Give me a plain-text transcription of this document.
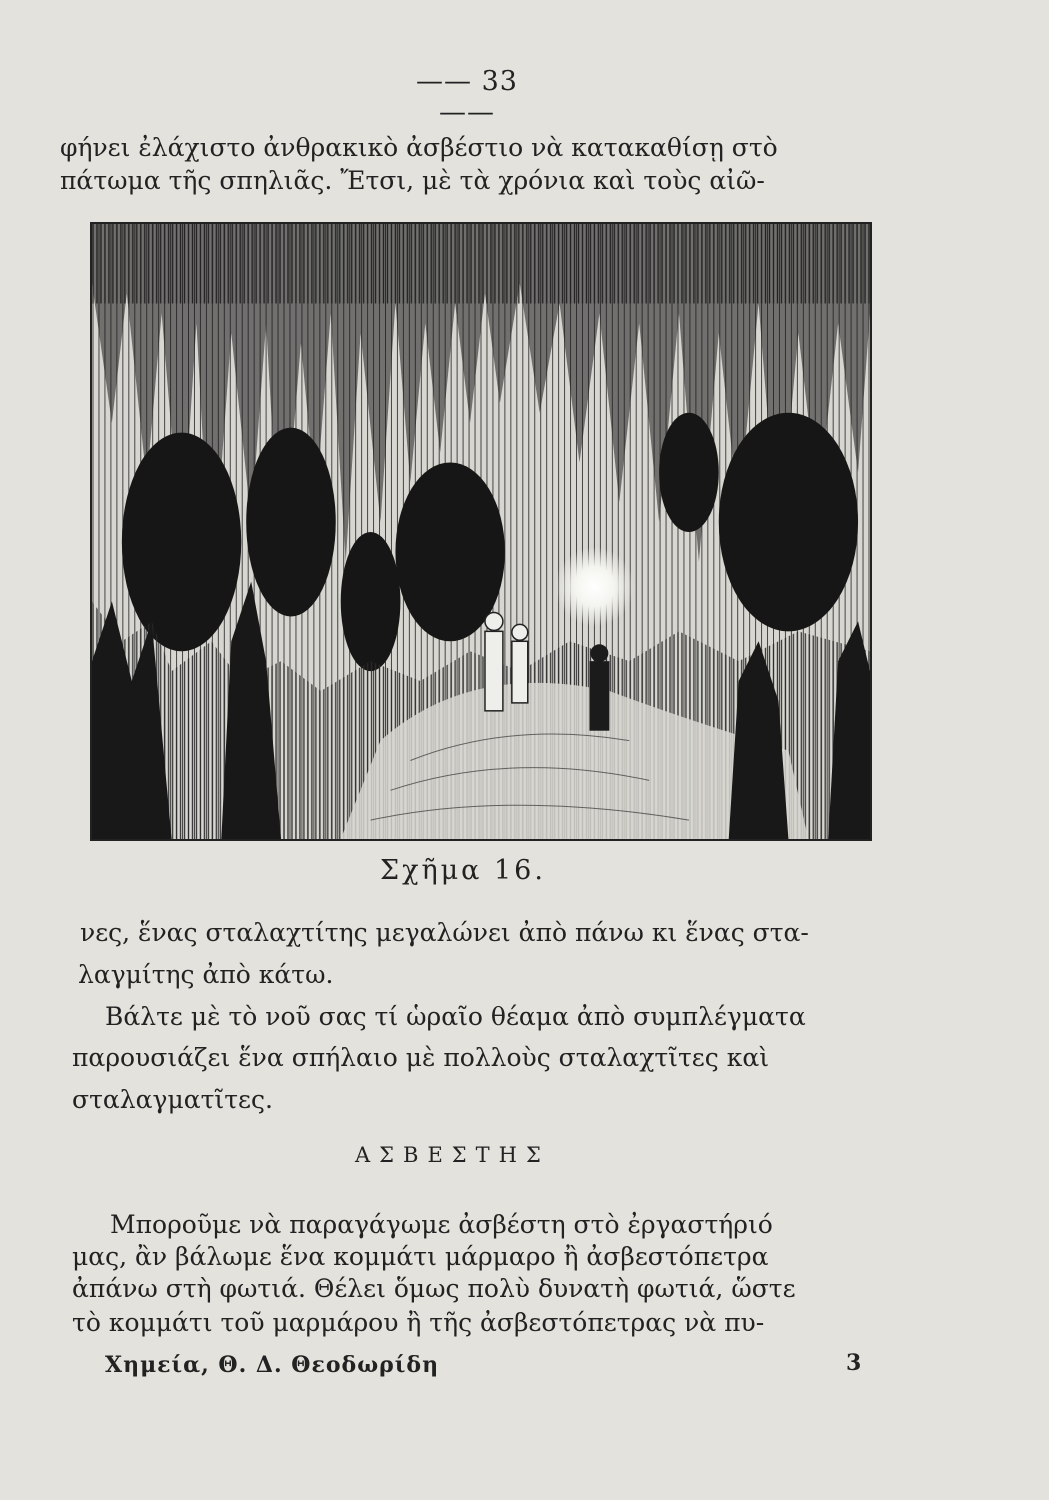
—— 33 ——
φήνει ἐλάχιστο ἀνθρακικὸ ἀσβέστιο νὰ κατακαθίσῃ στὸ
πάτωμα τῆς σπηλιᾶς. Ἔτσι, μὲ τὰ χρόνια καὶ τοὺς αἰῶ-
Σχῆμα 16.
νες, ἕνας σταλαχτίτης μεγαλώνει ἀπὸ πάνω κι ἕνας στα-
λαγμίτης ἀπὸ κάτω.
Βάλτε μὲ τὸ νοῦ σας τί ὡραῖο θέαμα ἀπὸ συμπλέγματα
παρουσιάζει ἕνα σπήλαιο μὲ πολλοὺς σταλαχτῖτες καὶ
σταλαγματῖτες.
ΑΣΒΕΣΤΗΣ
Μποροῦμε νὰ παραγάγωμε ἀσβέστη στὸ ἐργαστήριό
μας, ἂν βάλωμε ἕνα κομμάτι μάρμαρο ἢ ἀσβεστόπετρα
ἀπάνω στὴ φωτιά. Θέλει ὅμως πολὺ δυνατὴ φωτιά, ὥστε
τὸ κομμάτι τοῦ μαρμάρου ἢ τῆς ἀσβεστόπετρας νὰ πυ-
Χημεία, Θ. Δ. Θεοδωρίδη	3
